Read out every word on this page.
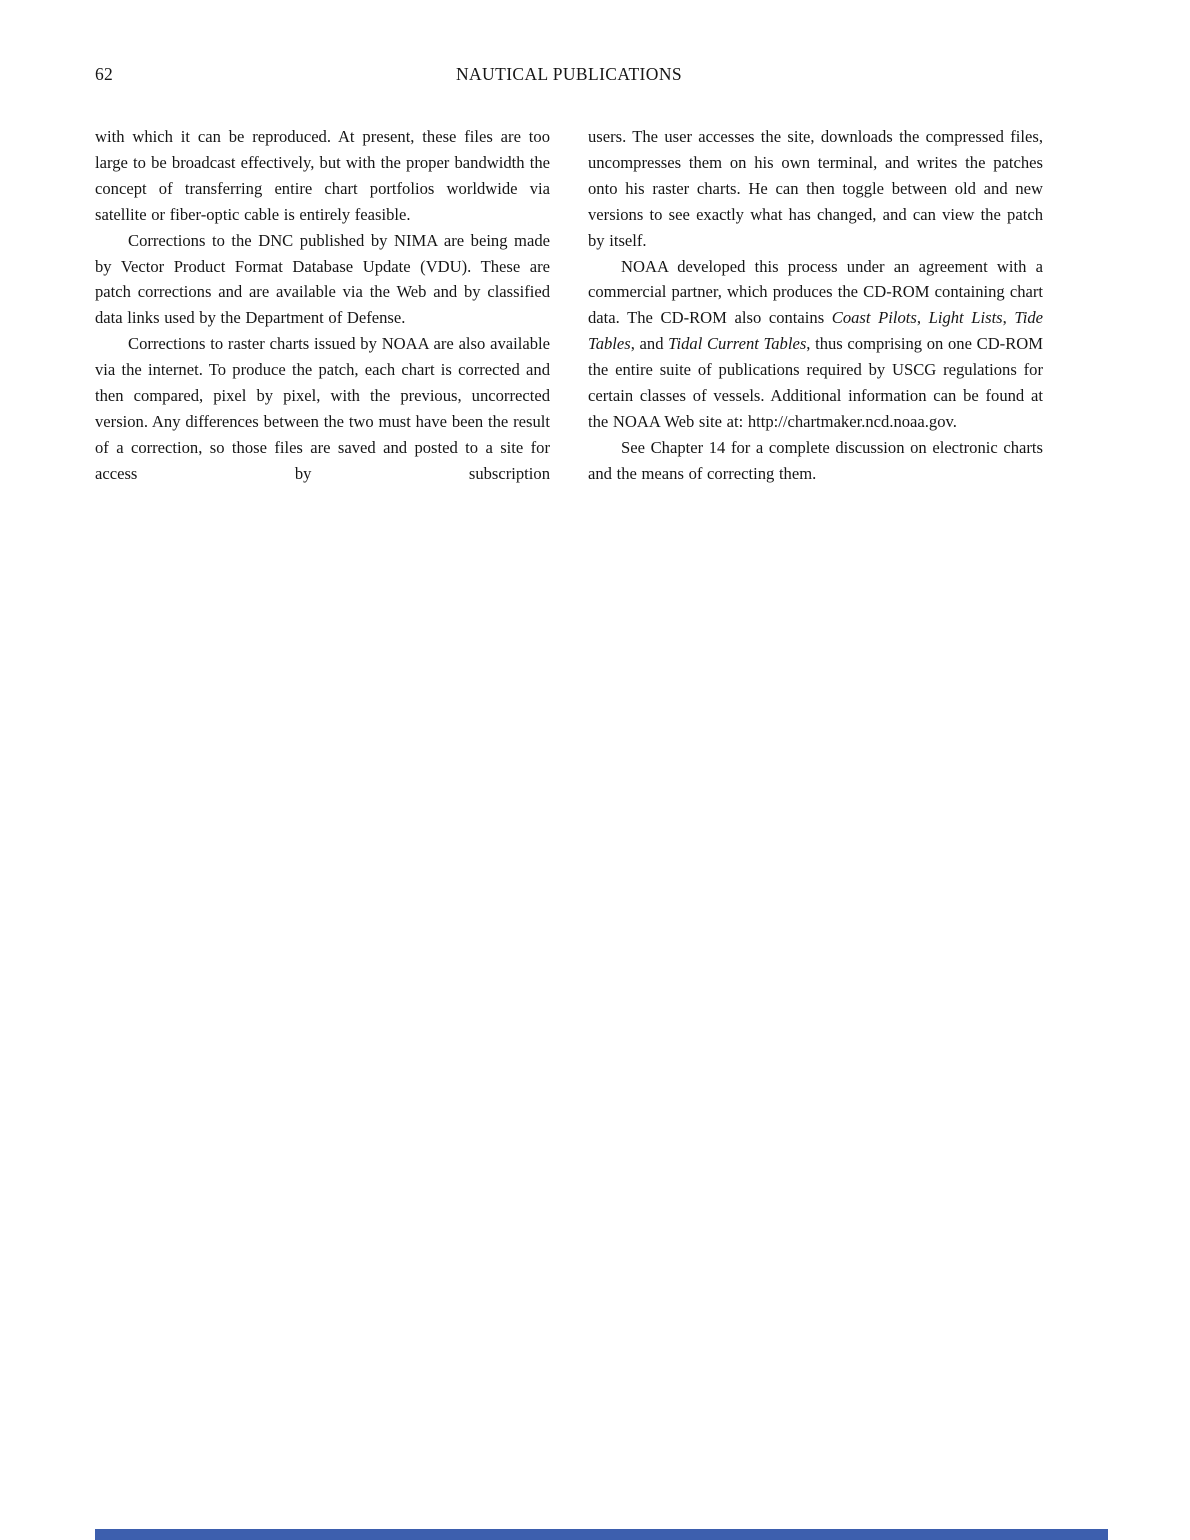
62	NAUTICAL PUBLICATIONS

with which it can be reproduced. At present, these files are too large to be broadcast effectively, but with the proper bandwidth the concept of transferring entire chart portfolios worldwide via satellite or fiber-optic cable is entirely feasible.

Corrections to the DNC published by NIMA are being made by Vector Product Format Database Update (VDU). These are patch corrections and are available via the Web and by classified data links used by the Department of Defense.

Corrections to raster charts issued by NOAA are also available via the internet. To produce the patch, each chart is corrected and then compared, pixel by pixel, with the previous, uncorrected version. Any differences between the two must have been the result of a correction, so those files are saved and posted to a site for access by subscription

users. The user accesses the site, downloads the compressed files, uncompresses them on his own terminal, and writes the patches onto his raster charts. He can then toggle between old and new versions to see exactly what has changed, and can view the patch by itself.

NOAA developed this process under an agreement with a commercial partner, which produces the CD-ROM containing chart data. The CD-ROM also contains Coast Pilots, Light Lists, Tide Tables, and Tidal Current Tables, thus comprising on one CD-ROM the entire suite of publications required by USCG regulations for certain classes of vessels. Additional information can be found at the NOAA Web site at: http://chartmaker.ncd.noaa.gov.

See Chapter 14 for a complete discussion on electronic charts and the means of correcting them.
